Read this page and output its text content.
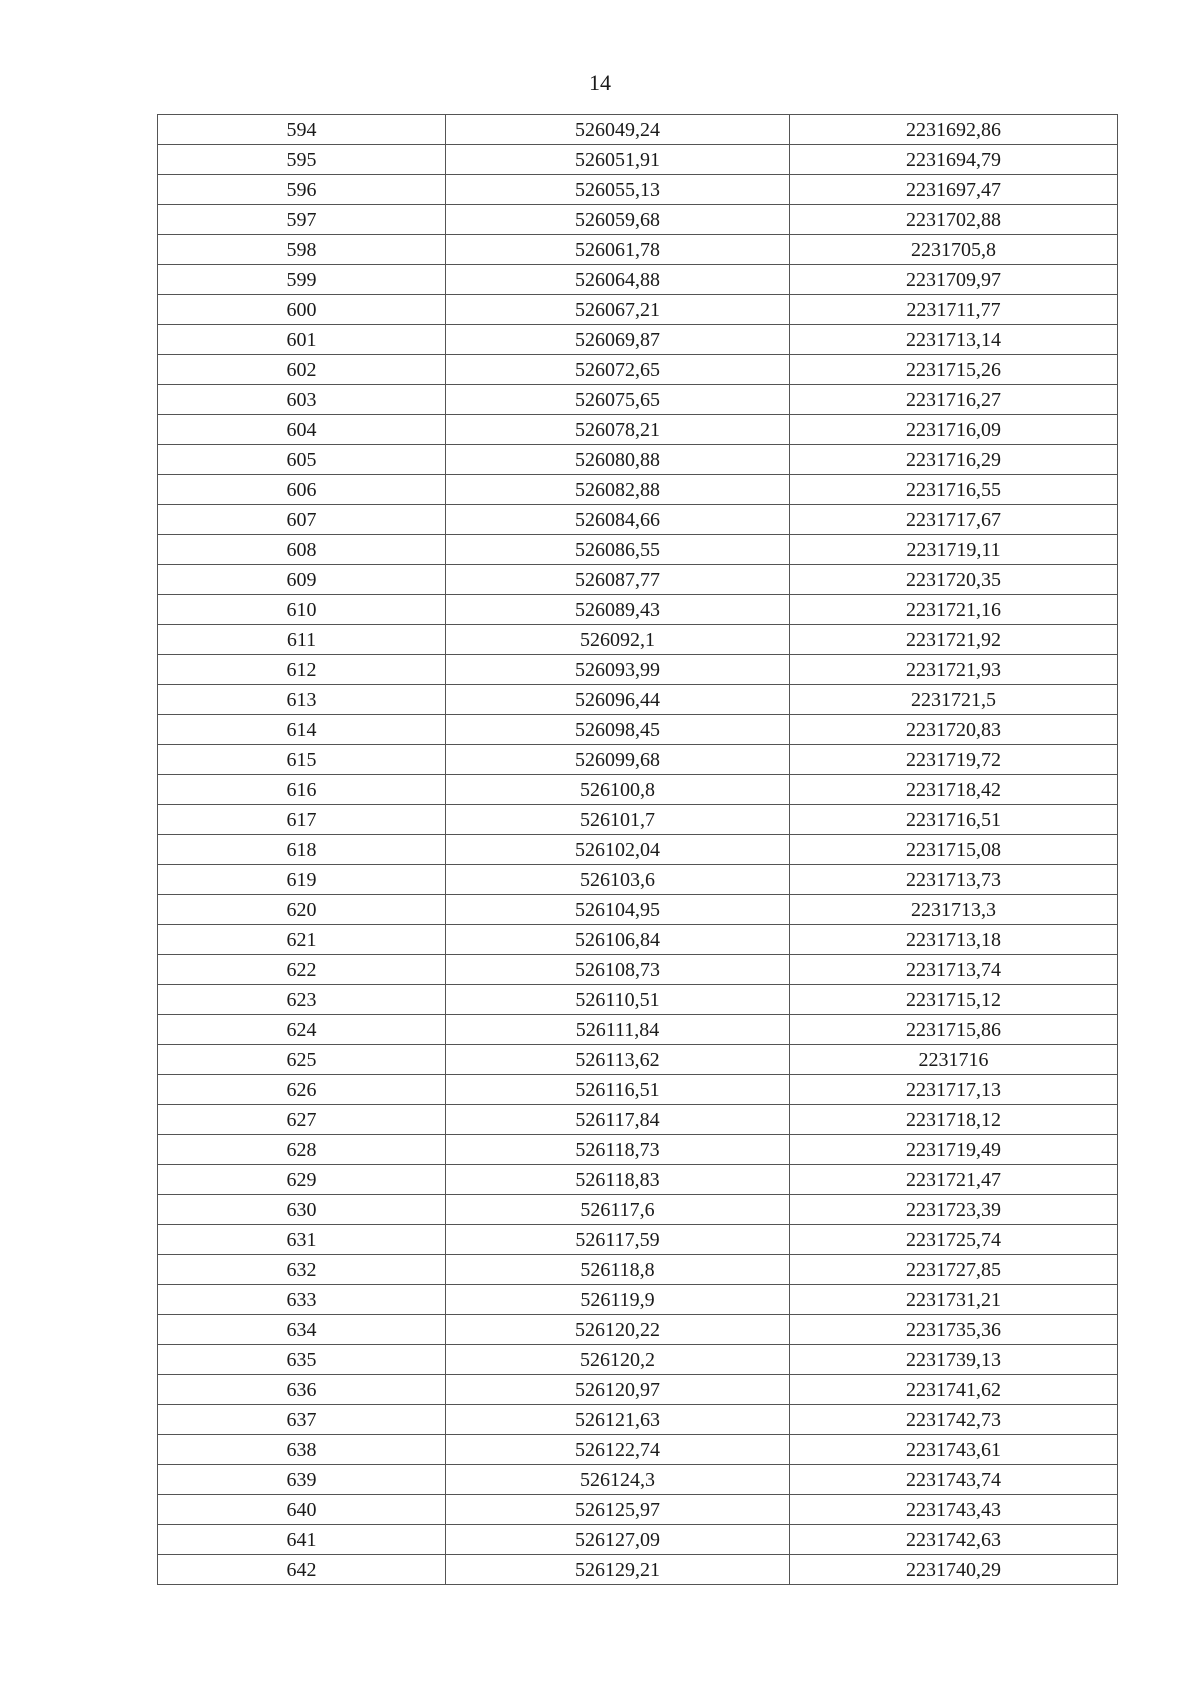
14
594	526049,24	2231692,86
595	526051,91	2231694,79
596	526055,13	2231697,47
597	526059,68	2231702,88
598	526061,78	2231705,8
599	526064,88	2231709,97
600	526067,21	2231711,77
601	526069,87	2231713,14
602	526072,65	2231715,26
603	526075,65	2231716,27
604	526078,21	2231716,09
605	526080,88	2231716,29
606	526082,88	2231716,55
607	526084,66	2231717,67
608	526086,55	2231719,11
609	526087,77	2231720,35
610	526089,43	2231721,16
611	526092,1	2231721,92
612	526093,99	2231721,93
613	526096,44	2231721,5
614	526098,45	2231720,83
615	526099,68	2231719,72
616	526100,8	2231718,42
617	526101,7	2231716,51
618	526102,04	2231715,08
619	526103,6	2231713,73
620	526104,95	2231713,3
621	526106,84	2231713,18
622	526108,73	2231713,74
623	526110,51	2231715,12
624	526111,84	2231715,86
625	526113,62	2231716
626	526116,51	2231717,13
627	526117,84	2231718,12
628	526118,73	2231719,49
629	526118,83	2231721,47
630	526117,6	2231723,39
631	526117,59	2231725,74
632	526118,8	2231727,85
633	526119,9	2231731,21
634	526120,22	2231735,36
635	526120,2	2231739,13
636	526120,97	2231741,62
637	526121,63	2231742,73
638	526122,74	2231743,61
639	526124,3	2231743,74
640	526125,97	2231743,43
641	526127,09	2231742,63
642	526129,21	2231740,29
